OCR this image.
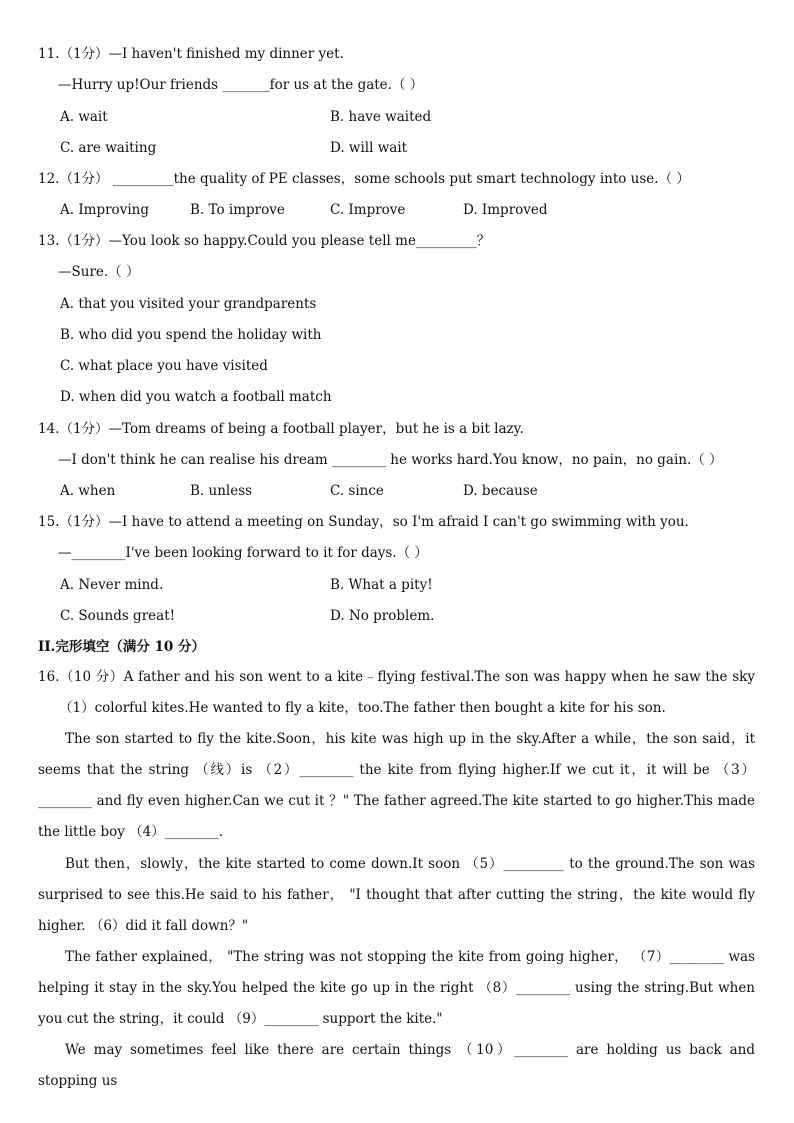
11.（1分）—I haven't finished my dinner yet.
—Hurry up!Our friends _______for us at the gate.（ ）
A. wait	B. have waited
C. are waiting	D. will wait
12.（1分） _________the quality of PE classes，some schools put smart technology into use.（ ）
A. Improving	B. To improve	C. Improve	D. Improved
13.（1分）—You look so happy.Could you please tell me_________？
—Sure.（ ）
A. that you visited your grandparents
B. who did you spend the holiday with
C. what place you have visited
D. when did you watch a football match
14.（1分）—Tom dreams of being a football player，but he is a bit lazy.
—I don't think he can realise his dream ________ he works hard.You know，no pain，no gain.（ ）
A. when	B. unless	C. since	D. because
15.（1分）—I have to attend a meeting on Sunday，so I'm afraid I can't go swimming with you.
—________I've been looking forward to it for days.（ ）
A. Never mind.	B. What a pity!
C. Sounds great!	D. No problem.
II.完形填空（满分 10 分）

16.（10 分）A father and his son went to a kite﹣flying festival.The son was happy when he saw the sky （1）colorful kites.He wanted to fly a kite，too.The father then bought a kite for his son.

The son started to fly the kite.Soon，his kite was high up in the sky.After a while，the son said，it seems that the string （线）is （2）________ the kite from flying higher.If we cut it，it will be （3）________ and fly even higher.Can we cut it ？" The father agreed.The kite started to go higher.This made the little boy （4）________.

But then，slowly，the kite started to come down.It soon （5）_________ to the ground.The son was surprised to see this.He said to his father， "I thought that after cutting the string，the kite would fly higher. （6）did it fall down？"

The father explained， "The string was not stopping the kite from going higher， （7）________ was helping it stay in the sky.You helped the kite go up in the right （8）________ using the string.But when you cut the string，it could （9）________ support the kite."

We may sometimes feel like there are certain things （10）________ are holding us back and stopping us
